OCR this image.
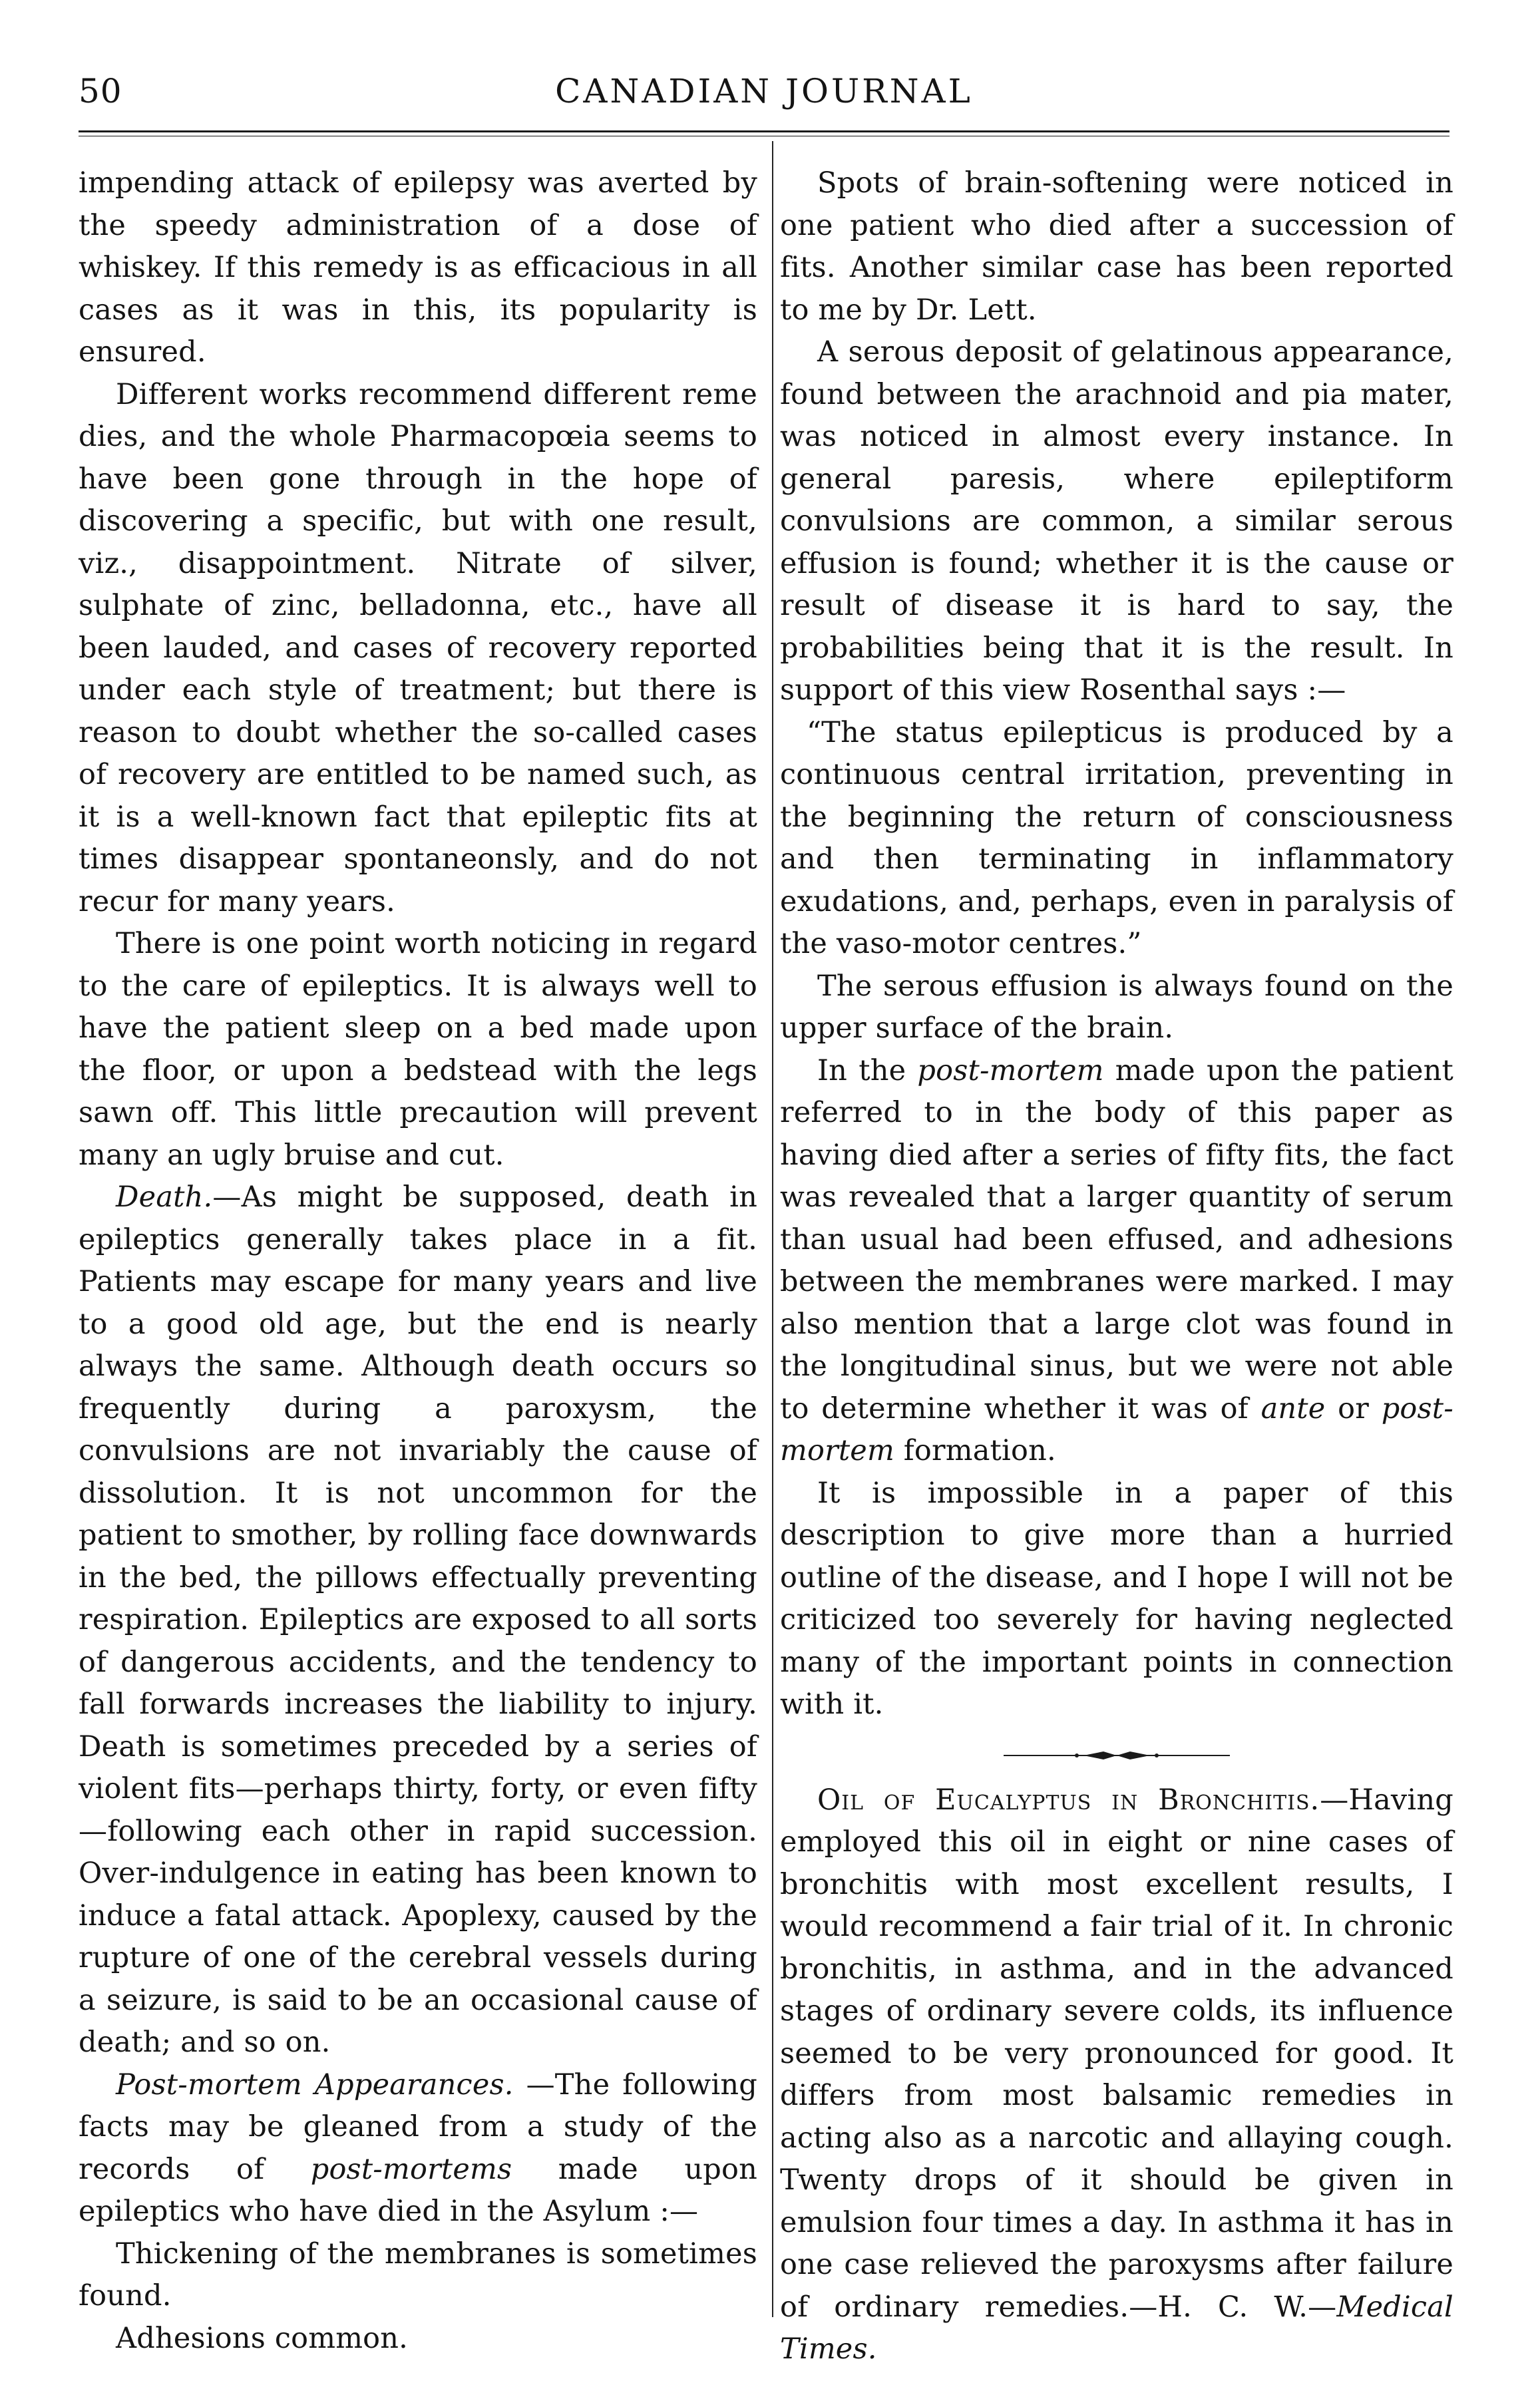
50	CANADIAN JOURNAL

impending attack of epilepsy was averted by the speedy administration of a dose of whiskey. If this remedy is as efficacious in all cases as it was in this, its popularity is ensured.

Different works recommend different reme dies, and the whole Pharmacopœia seems to have been gone through in the hope of discovering a specific, but with one result, viz., disappointment. Nitrate of silver, sulphate of zinc, belladonna, etc., have all been lauded, and cases of recovery reported under each style of treatment; but there is reason to doubt whether the so-called cases of recovery are entitled to be named such, as it is a well-known fact that epileptic fits at times disappear spontaneonsly, and do not recur for many years.

There is one point worth noticing in regard to the care of epileptics. It is always well to have the patient sleep on a bed made upon the floor, or upon a bedstead with the legs sawn off. This little precaution will prevent many an ugly bruise and cut.

Death.—As might be supposed, death in epileptics generally takes place in a fit. Patients may escape for many years and live to a good old age, but the end is nearly always the same. Although death occurs so frequently during a paroxysm, the convulsions are not invariably the cause of dissolution. It is not uncommon for the patient to smother, by rolling face downwards in the bed, the pillows effectually preventing respiration. Epileptics are exposed to all sorts of dangerous accidents, and the tendency to fall forwards increases the liability to injury. Death is sometimes preceded by a series of violent fits—perhaps thirty, forty, or even fifty—following each other in rapid succession. Over-indulgence in eating has been known to induce a fatal attack. Apoplexy, caused by the rupture of one of the cerebral vessels during a seizure, is said to be an occasional cause of death; and so on.

Post-mortem Appearances. —The following facts may be gleaned from a study of the records of post-mortems made upon epileptics who have died in the Asylum :—

Thickening of the membranes is sometimes found.

Adhesions common.

Spots of brain-softening were noticed in one patient who died after a succession of fits. Another similar case has been reported to me by Dr. Lett.

A serous deposit of gelatinous appearance, found between the arachnoid and pia mater, was noticed in almost every instance. In general paresis, where epileptiform convulsions are common, a similar serous effusion is found; whether it is the cause or result of disease it is hard to say, the probabilities being that it is the result. In support of this view Rosenthal says :—

“The status epilepticus is produced by a continuous central irritation, preventing in the beginning the return of consciousness and then terminating in inflammatory exudations, and, perhaps, even in paralysis of the vaso-motor centres.”

The serous effusion is always found on the upper surface of the brain.

In the post-mortem made upon the patient referred to in the body of this paper as having died after a series of fifty fits, the fact was revealed that a larger quantity of serum than usual had been effused, and adhesions between the membranes were marked. I may also mention that a large clot was found in the longitudinal sinus, but we were not able to determine whether it was of ante or post-mortem formation.

It is impossible in a paper of this description to give more than a hurried outline of the disease, and I hope I will not be criticized too severely for having neglected many of the important points in connection with it.

Oil of Eucalyptus in Bronchitis.—Having employed this oil in eight or nine cases of bronchitis with most excellent results, I would recommend a fair trial of it. In chronic bronchitis, in asthma, and in the advanced stages of ordinary severe colds, its influence seemed to be very pronounced for good. It differs from most balsamic remedies in acting also as a narcotic and allaying cough. Twenty drops of it should be given in emulsion four times a day. In asthma it has in one case relieved the paroxysms after failure of ordinary remedies.—H. C. W.—Medical Times.
